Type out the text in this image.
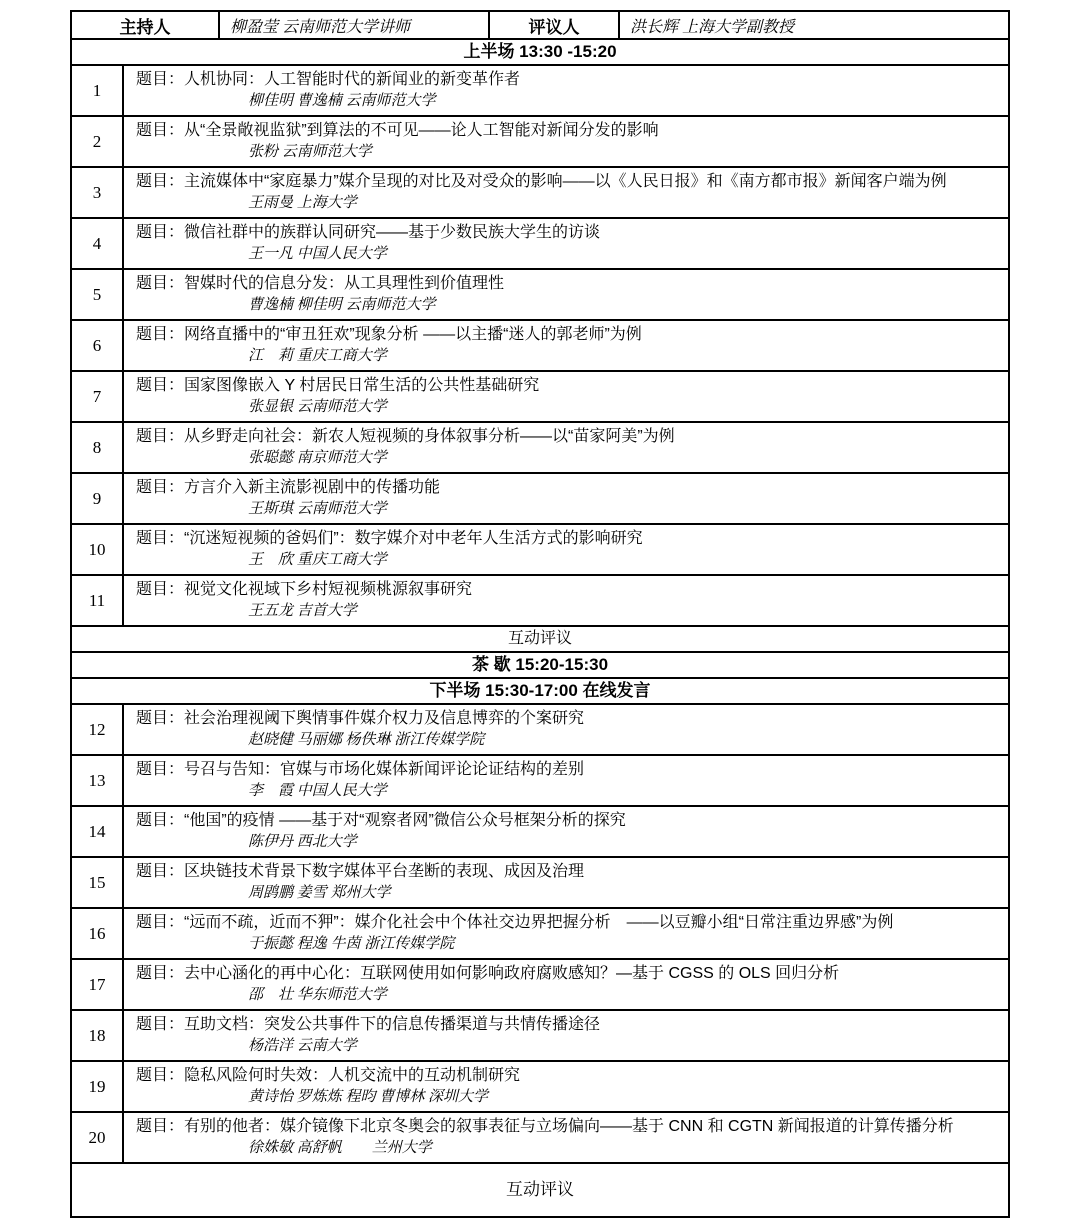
主持人	柳盈莹 云南师范大学讲师	评议人	洪长辉 上海大学副教授
上半场 13:30 -15:20
1
题目：人机协同：人工智能时代的新闻业的新变革作者
柳佳明 曹逸楠 云南师范大学
2
题目：从“全景敞视监狱”到算法的不可见——论人工智能对新闻分发的影响
张粉 云南师范大学
3
题目：主流媒体中“家庭暴力”媒介呈现的对比及对受众的影响——以《人民日报》和《南方都市报》新闻客户端为例
王雨曼 上海大学
4
题目：微信社群中的族群认同研究——基于少数民族大学生的访谈
王一凡 中国人民大学
5
题目：智媒时代的信息分发：从工具理性到价值理性
曹逸楠 柳佳明 云南师范大学
6
题目：网络直播中的“审丑狂欢”现象分析 ——以主播“迷人的郭老师”为例
江　莉 重庆工商大学
7
题目：国家图像嵌入 Y 村居民日常生活的公共性基础研究
张显银 云南师范大学
8
题目：从乡野走向社会：新农人短视频的身体叙事分析——以“苗家阿美”为例
张聪懿 南京师范大学
9
题目：方言介入新主流影视剧中的传播功能
王斯琪 云南师范大学
10
题目：“沉迷短视频的爸妈们”：数字媒介对中老年人生活方式的影响研究
王　欣 重庆工商大学
11
题目：视觉文化视域下乡村短视频桃源叙事研究
王五龙 吉首大学
互动评议
茶 歇 15:20-15:30
下半场 15:30-17:00 在线发言
12
题目：社会治理视阈下舆情事件媒介权力及信息博弈的个案研究
赵晓健 马丽娜 杨佚琳 浙江传媒学院
13
题目：号召与告知：官媒与市场化媒体新闻评论论证结构的差别
李　霞 中国人民大学
14
题目：“他国”的疫情 ——基于对“观察者网”微信公众号框架分析的探究
陈伊丹 西北大学
15
题目：区块链技术背景下数字媒体平台垄断的表现、成因及治理
周鹍鹏 姜雪 郑州大学
16
题目：“远而不疏，近而不狎”：媒介化社会中个体社交边界把握分析　——以豆瓣小组“日常注重边界感”为例
于振懿 程逸 牛茵 浙江传媒学院
17
题目：去中心涵化的再中心化：互联网使用如何影响政府腐败感知？—基于 CGSS 的 OLS 回归分析
邵　壮 华东师范大学
18
题目：互助文档：突发公共事件下的信息传播渠道与共情传播途径
杨浩洋 云南大学
19
题目：隐私风险何时失效：人机交流中的互动机制研究
黄诗怡 罗炼炼 程昀 曹博林 深圳大学
20
题目：有别的他者：媒介镜像下北京冬奥会的叙事表征与立场偏向——基于 CNN 和 CGTN 新闻报道的计算传播分析
徐姝敏 高舒帆　　兰州大学
互动评议
